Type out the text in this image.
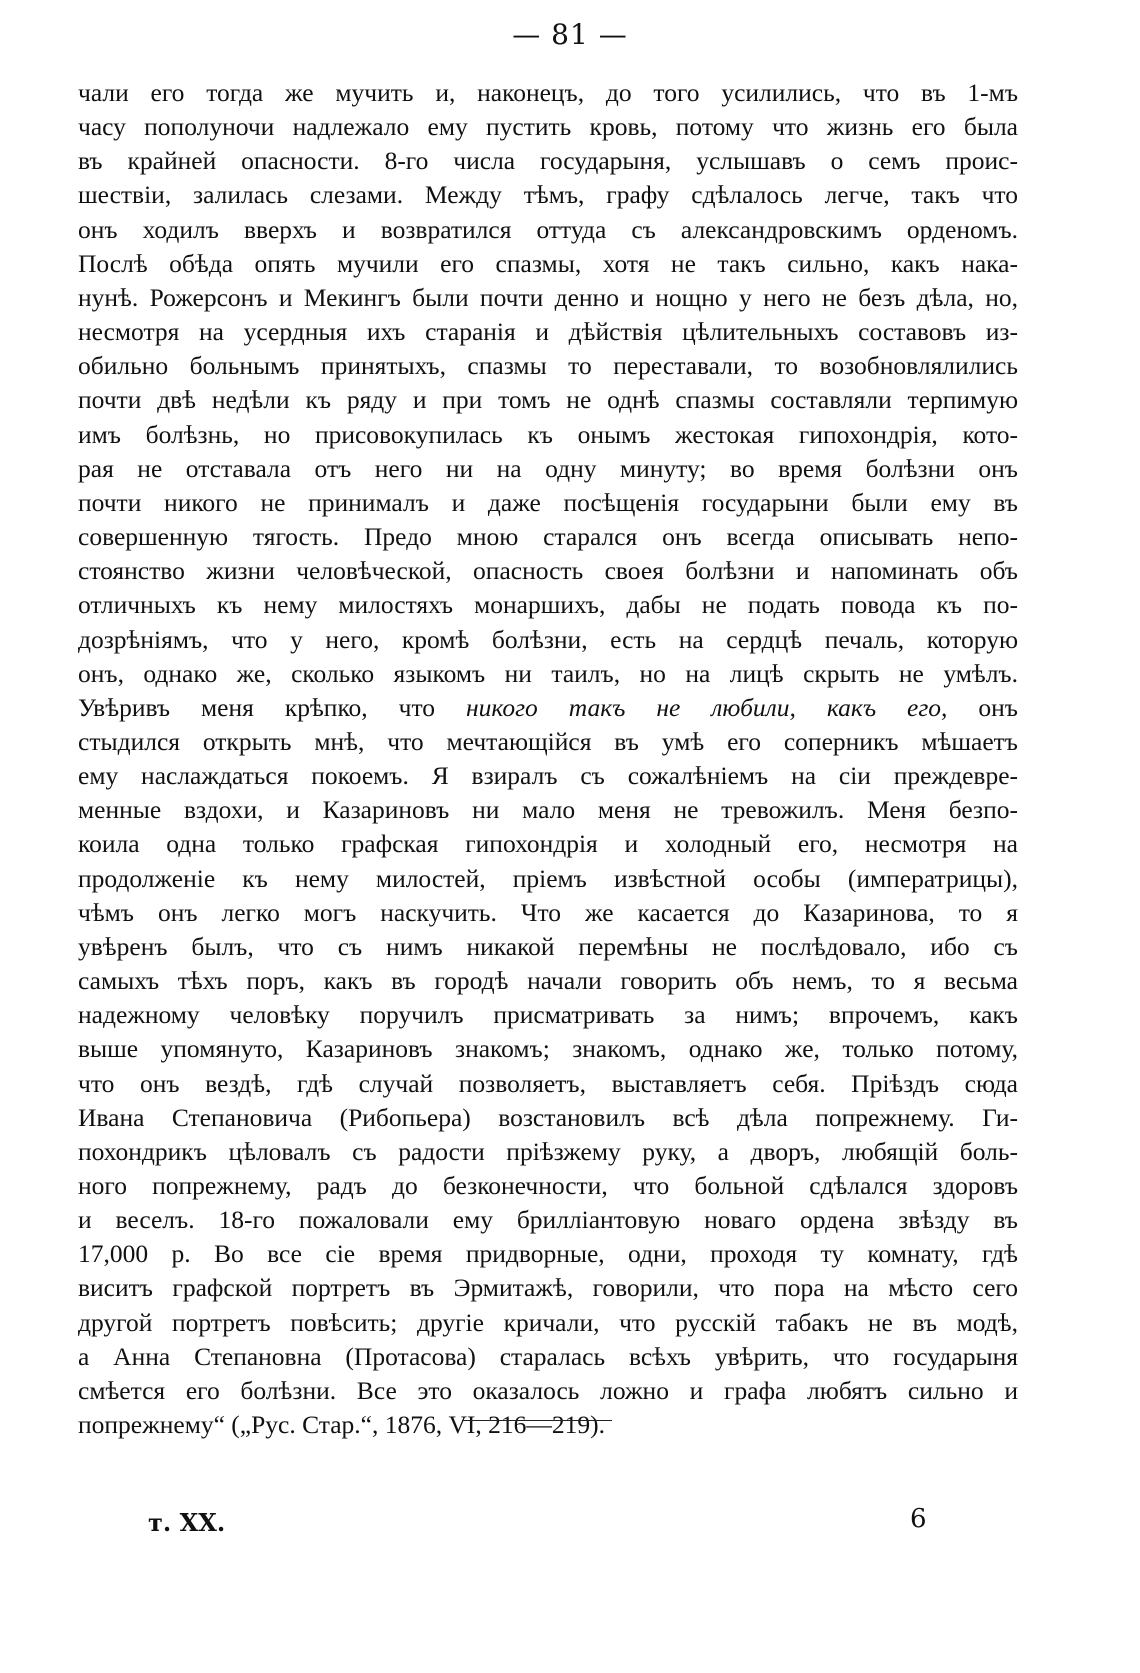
— 81 —
чали его тогда же мучить и, наконецъ, до того усилились, что въ 1-мъ
часу пополуночи надлежало ему пустить кровь, потому что жизнь его была
въ крайней опасности. 8-го числа государыня, услышавъ о семъ проис-
шествіи, залилась слезами. Между тѣмъ, графу сдѣлалось легче, такъ что
онъ ходилъ вверхъ и возвратился оттуда съ александровскимъ орденомъ.
Послѣ обѣда опять мучили его спазмы, хотя не такъ сильно, какъ нака-
нунѣ. Рожерсонъ и Мекингъ были почти денно и нощно у него не безъ дѣла, но,
несмотря на усердныя ихъ старанія и дѣйствія цѣлительныхъ составовъ из-
обильно больнымъ принятыхъ, спазмы то переставали, то возобновлялились
почти двѣ недѣли къ ряду и при томъ не однѣ спазмы составляли терпимую
имъ болѣзнь, но присовокупилась къ онымъ жестокая гипохондрія, кото-
рая не отставала отъ него ни на одну минуту; во время болѣзни онъ
почти никого не принималъ и даже посѣщенія государыни были ему въ
совершенную тягость. Предо мною старался онъ всегда описывать непо-
стоянство жизни человѣческой, опасность своея болѣзни и напоминать объ
отличныхъ къ нему милостяхъ монаршихъ, дабы не подать повода къ по-
дозрѣніямъ, что у него, кромѣ болѣзни, есть на сердцѣ печаль, которую
онъ, однако же, сколько языкомъ ни таилъ, но на лицѣ скрыть не умѣлъ.
Увѣривъ меня крѣпко, что никого такъ не любили, какъ его, онъ
стыдился открыть мнѣ, что мечтающійся въ умѣ его соперникъ мѣшаетъ
ему наслаждаться покоемъ. Я взиралъ съ сожалѣніемъ на сіи преждевре-
менные вздохи, и Казариновъ ни мало меня не тревожилъ. Меня безпо-
коила одна только графская гипохондрія и холодный его, несмотря на
продолженіе къ нему милостей, пріемъ извѣстной особы (императрицы),
чѣмъ онъ легко могъ наскучить. Что же касается до Казаринова, то я
увѣренъ былъ, что съ нимъ никакой перемѣны не послѣдовало, ибо съ
самыхъ тѣхъ поръ, какъ въ городѣ начали говорить объ немъ, то я весьма
надежному человѣку поручилъ присматривать за нимъ; впрочемъ, какъ
выше упомянуто, Казариновъ знакомъ; знакомъ, однако же, только потому,
что онъ вездѣ, гдѣ случай позволяетъ, выставляетъ себя. Пріѣздъ сюда
Ивана Степановича (Рибопьера) возстановилъ всѣ дѣла попрежнему. Ги-
похондрикъ цѣловалъ съ радости пріѣзжему руку, а дворъ, любящій боль-
ного попрежнему, радъ до безконечности, что больной сдѣлался здоровъ
и веселъ. 18-го пожаловали ему бриллiантовую новаго ордена звѣзду въ
17,000 р. Во все сіе время придворные, одни, проходя ту комнату, гдѣ
виситъ графской портретъ въ Эрмитажѣ, говорили, что пора на мѣсто сего
другой портретъ повѣсить; другіе кричали, что русскій табакъ не въ модѣ,
а Анна Степановна (Протасова) старалась всѣхъ увѣрить, что государыня
смѣется его болѣзни. Все это оказалось ложно и графа любятъ сильно и
попрежнему“ („Рус. Стар.“, 1876, VI, 216—219).
т. XX.	6
